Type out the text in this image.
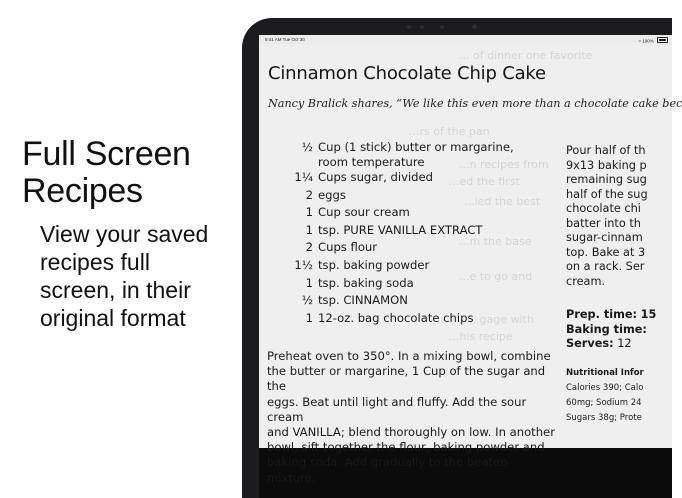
Full Screen
Recipes
View your saved
recipes full
screen, in their
original format
9:41 AM Tue Oct 30	≈ 100%
... of dinner one favorite
...rs of the pan
...n recipes from
...ed the first
...ied the best
...m the base
...e to go and
...gage with
...his recipe
Cinnamon Chocolate Chip Cake
Nancy Bralick shares, “We like this even more than a chocolate cake bec
½ Cup (1 stick) butter or margarine, room temperature
1¼ Cups sugar, divided
2 eggs
1 Cup sour cream
1 tsp. PURE VANILLA EXTRACT
2 Cups flour
1½ tsp. baking powder
1 tsp. baking soda
½ tsp. CINNAMON
1 12-oz. bag chocolate chips
Preheat oven to 350°. In a mixing bowl, combine
the butter or margarine, 1 Cup of the sugar and the
eggs. Beat until light and fluffy. Add the sour cream
and VANILLA; blend thoroughly on low. In another
bowl, sift together the flour, baking powder and
baking soda. Add gradually to the beaten mixture.
Pour half of th
9x13 baking p
remaining sug
half of the sug
chocolate chi
batter into th
sugar-cinnam
top. Bake at 3
on a rack. Ser
cream.
Prep. time: 15
Baking time:
Serves: 12
Nutritional Infor
Calories 390; Calo
60mg; Sodium 24
Sugars 38g; Prote
